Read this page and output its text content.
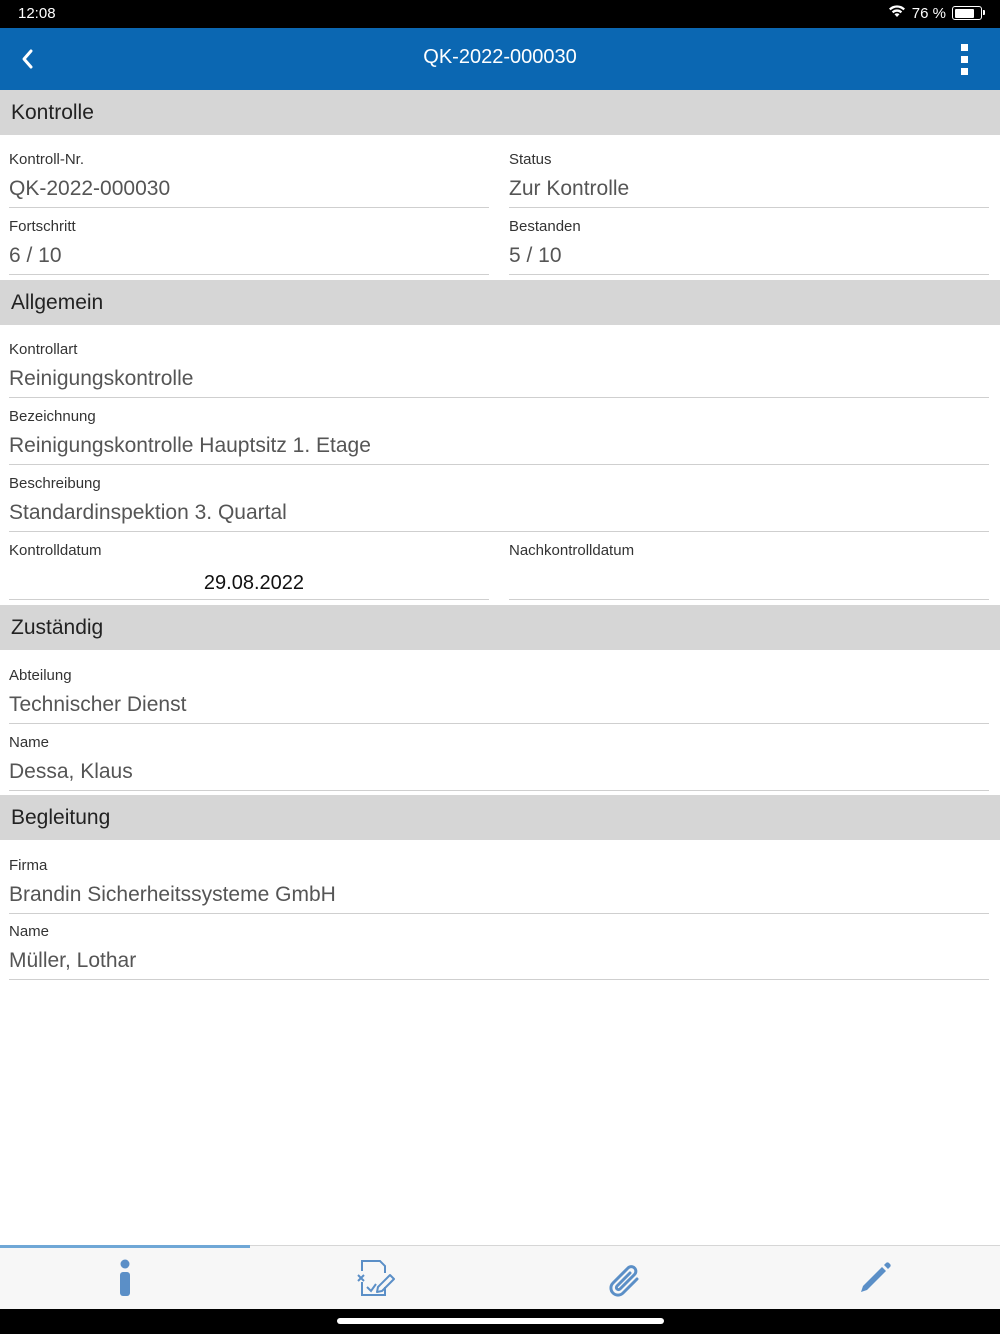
12:08	76 %
QK-2022-000030
Kontrolle
Kontroll-Nr.
QK-2022-000030
Status
Zur Kontrolle
Fortschritt
6 / 10
Bestanden
5 / 10
Allgemein
Kontrollart
Reinigungskontrolle
Bezeichnung
Reinigungskontrolle Hauptsitz 1. Etage
Beschreibung
Standardinspektion 3. Quartal
Kontrolldatum
29.08.2022
Nachkontrolldatum
Zuständig
Abteilung
Technischer Dienst
Name
Dessa, Klaus
Begleitung
Firma
Brandin Sicherheitssysteme GmbH
Name
Müller, Lothar
